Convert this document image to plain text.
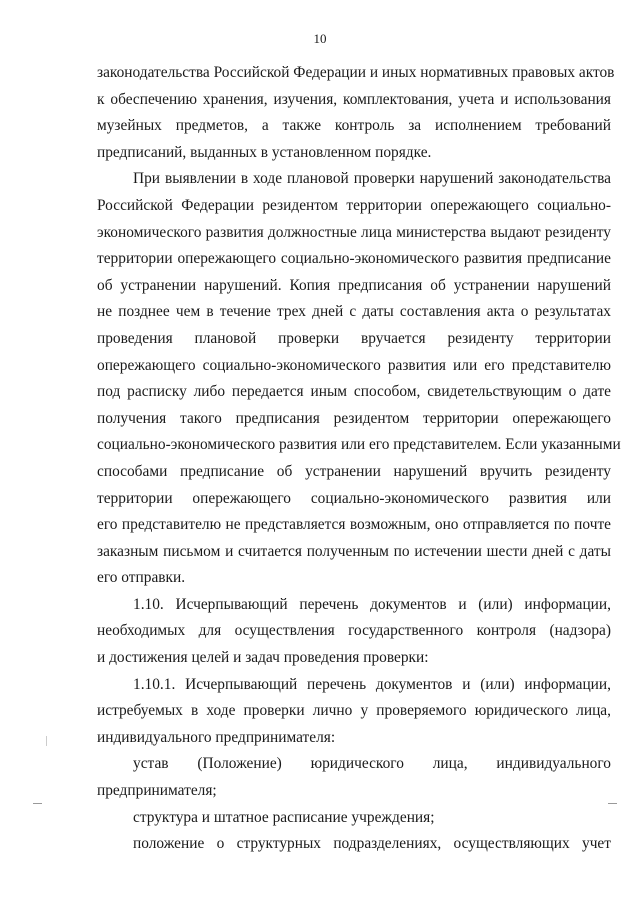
10
законодательства Российской Федерации и иных нормативных правовых актов
к обеспечению хранения, изучения, комплектования, учета и использования
музейных предметов, а также контроль за исполнением требований
предписаний, выданных в установленном порядке.
При выявлении в ходе плановой проверки нарушений законодательства
Российской Федерации резидентом территории опережающего социально-
экономического развития должностные лица министерства выдают резиденту
территории опережающего социально-экономического развития предписание
об устранении нарушений. Копия предписания об устранении нарушений
не позднее чем в течение трех дней с даты составления акта о результатах
проведения плановой проверки вручается резиденту территории
опережающего социально-экономического развития или его представителю
под расписку либо передается иным способом, свидетельствующим о дате
получения такого предписания резидентом территории опережающего
социально-экономического развития или его представителем. Если указанными
способами предписание об устранении нарушений вручить резиденту
территории опережающего социально-экономического развития или
его представителю не представляется возможным, оно отправляется по почте
заказным письмом и считается полученным по истечении шести дней с даты
его отправки.
1.10. Исчерпывающий перечень документов и (или) информации,
необходимых для осуществления государственного контроля (надзора)
и достижения целей и задач проведения проверки:
1.10.1. Исчерпывающий перечень документов и (или) информации,
истребуемых в ходе проверки лично у проверяемого юридического лица,
индивидуального предпринимателя:
устав (Положение) юридического лица, индивидуального
предпринимателя;
структура и штатное расписание учреждения;
положение о структурных подразделениях, осуществляющих учет
